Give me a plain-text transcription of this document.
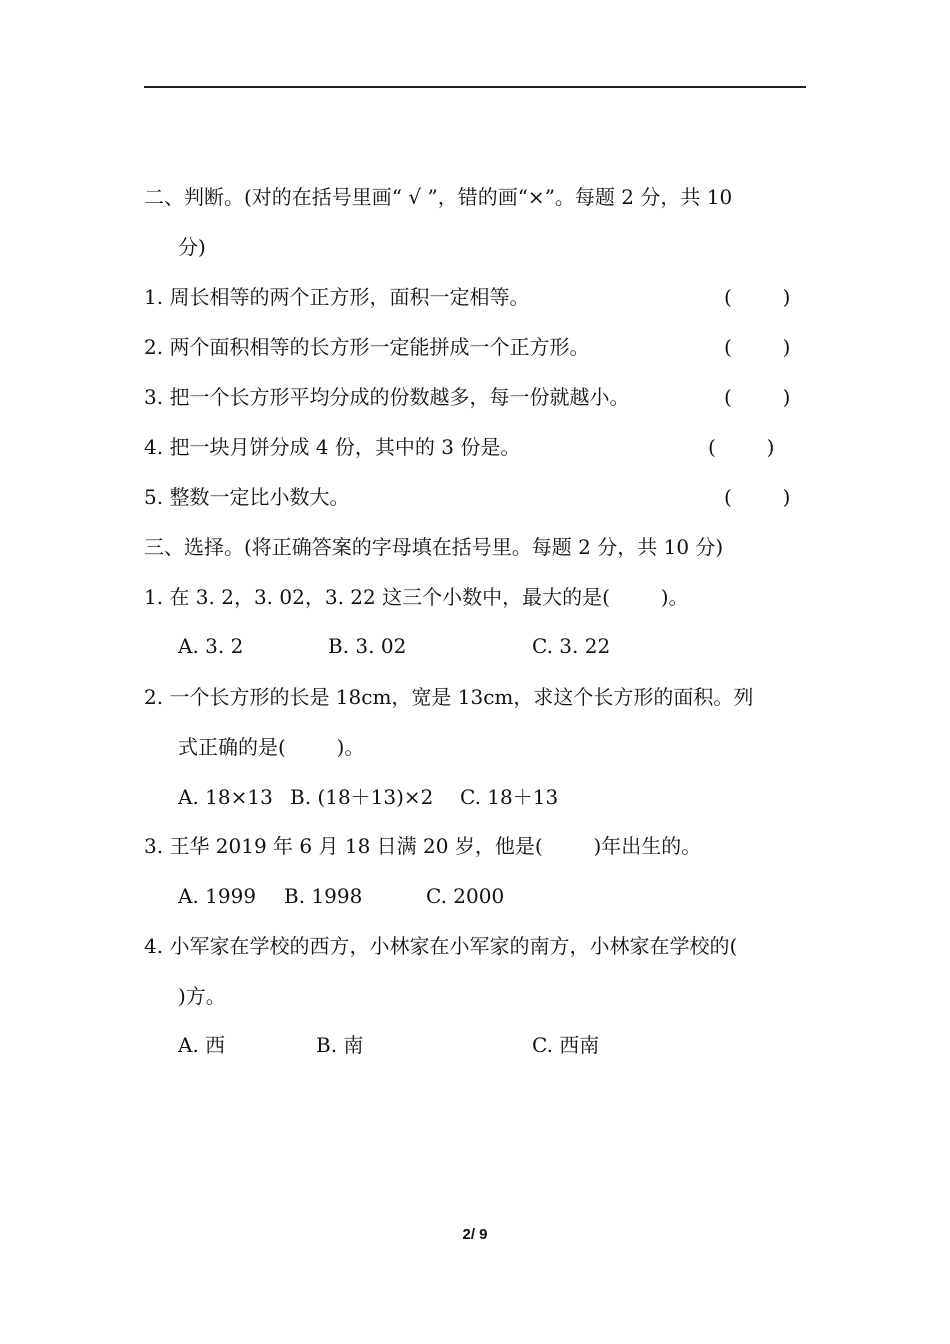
二、判断。(对的在括号里画“ √ ”，错的画“×”。每题 2 分，共 10
分)
1. 周长相等的两个正方形，面积一定相等。	(        )
2. 两个面积相等的长方形一定能拼成一个正方形。	(        )
3. 把一个长方形平均分成的份数越多，每一份就越小。	(        )
4. 把一块月饼分成 4 份，其中的 3 份是。	(        )
5. 整数一定比小数大。	(        )
三、选择。(将正确答案的字母填在括号里。每题 2 分，共 10 分)
1. 在 3. 2，3. 02，3. 22 这三个小数中，最大的是(        )。
A. 3. 2	B. 3. 02	C. 3. 22
2. 一个长方形的长是 18cm，宽是 13cm，求这个长方形的面积。列
式正确的是(        )。
A. 18×13 B. (18＋13)×2 C. 18＋13
3. 王华 2019 年 6 月 18 日满 20 岁，他是(        )年出生的。
A. 1999 B. 1998	C. 2000
4. 小军家在学校的西方，小林家在小军家的南方，小林家在学校的(
)方。
A. 西	B. 南	C. 西南
2/ 9
